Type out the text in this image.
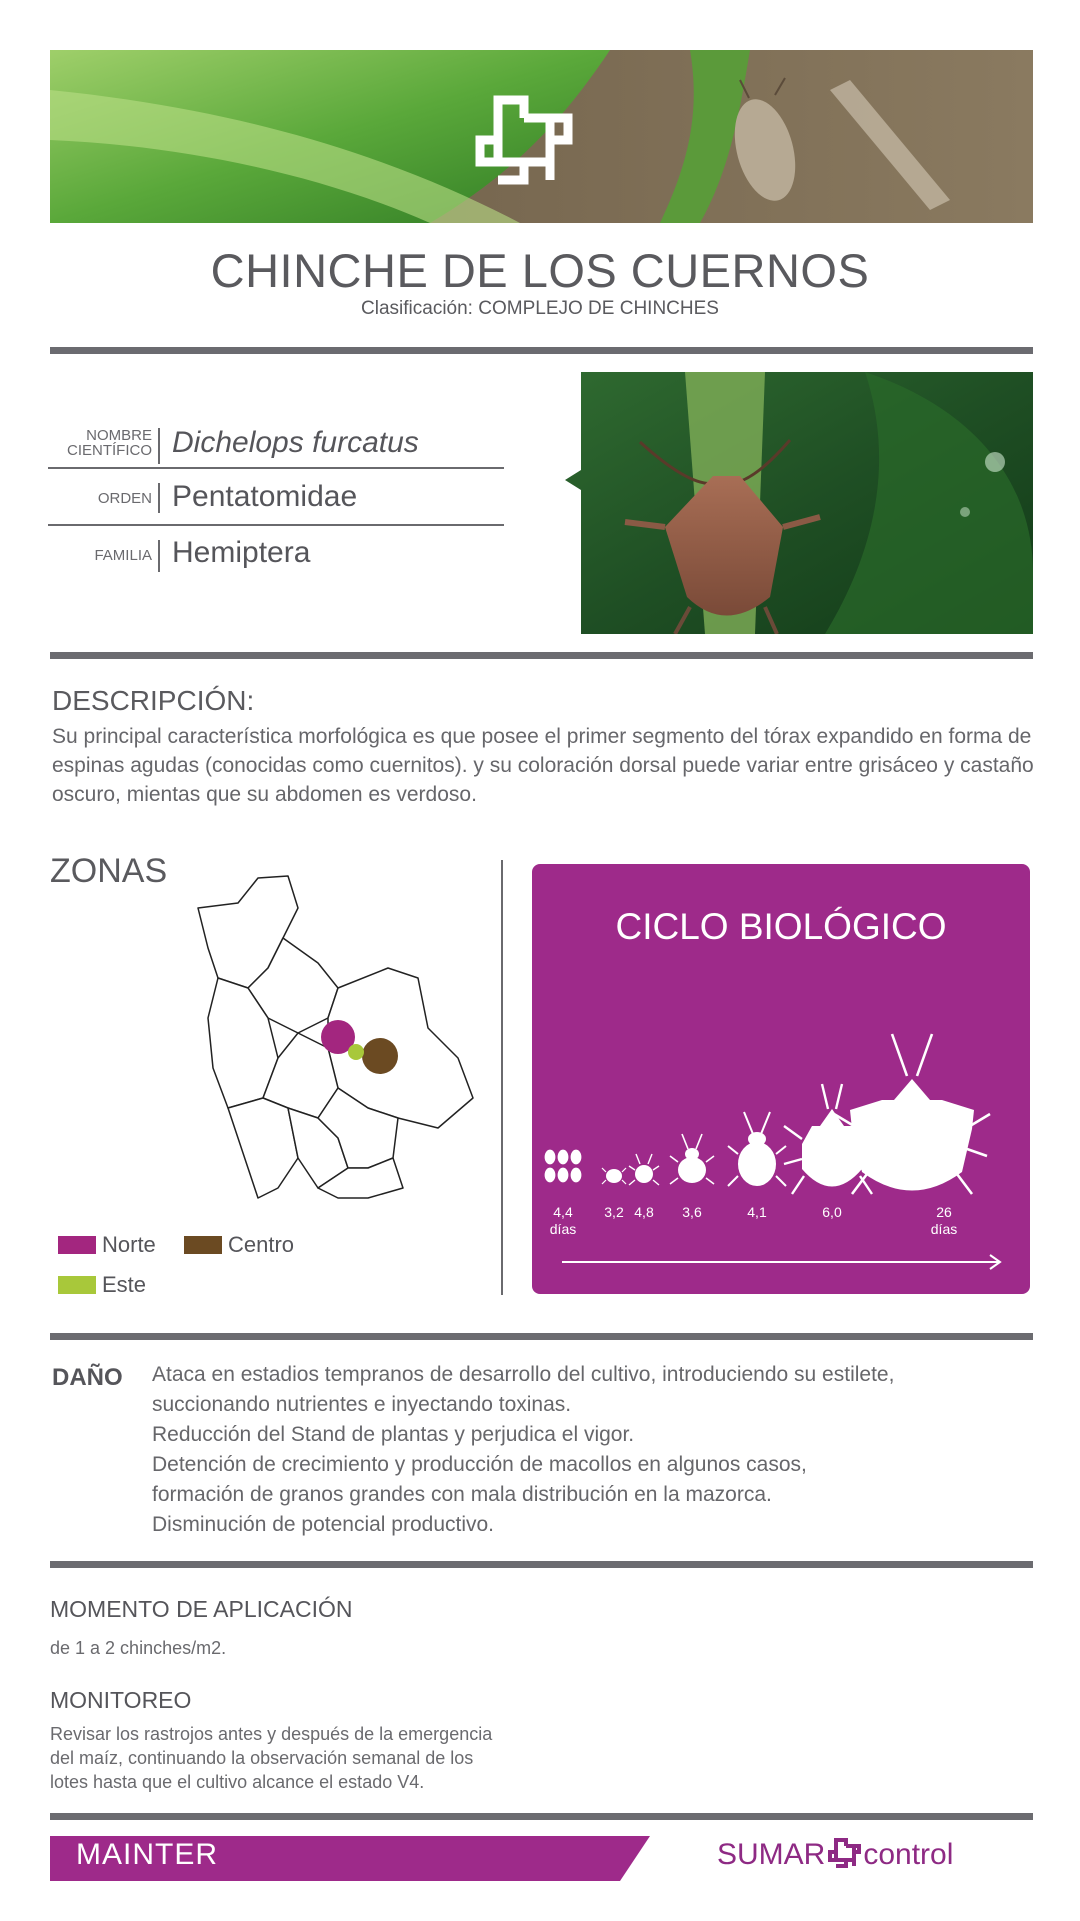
CHINCHE DE LOS CUERNOS
Clasificación: COMPLEJO DE CHINCHES
NOMBRE
CIENTÍFICO Dichelops furcatus
ORDEN Pentatomidae
FAMILIA Hemiptera
DESCRIPCIÓN:
Su principal característica morfológica es que posee el primer segmento del tórax expandido en forma de espinas agudas (conocidas como cuernitos). y su coloración dorsal puede variar entre grisáceo y castaño oscuro, mientas que su abdomen es verdoso.
ZONAS
Norte	Centro
Este
CICLO BIOLÓGICO
4,4
días
3,2 4,8	3,6	4,1	6,0	26
días
DAÑO Ataca en estadios tempranos de desarrollo del cultivo, introduciendo su estilete,
succionando nutrientes e inyectando toxinas.
Reducción del Stand de plantas y perjudica el vigor.
Detención de crecimiento y producción de macollos en algunos casos,
formación de granos grandes con mala distribución en la mazorca.
Disminución de potencial productivo.
MOMENTO DE APLICACIÓN
de 1 a 2 chinches/m2.
MONITOREO
Revisar los rastrojos antes y después de la emergencia
del maíz, continuando la observación semanal de los
lotes hasta que el cultivo alcance el estado V4.
MAINTER	SUMAR control
